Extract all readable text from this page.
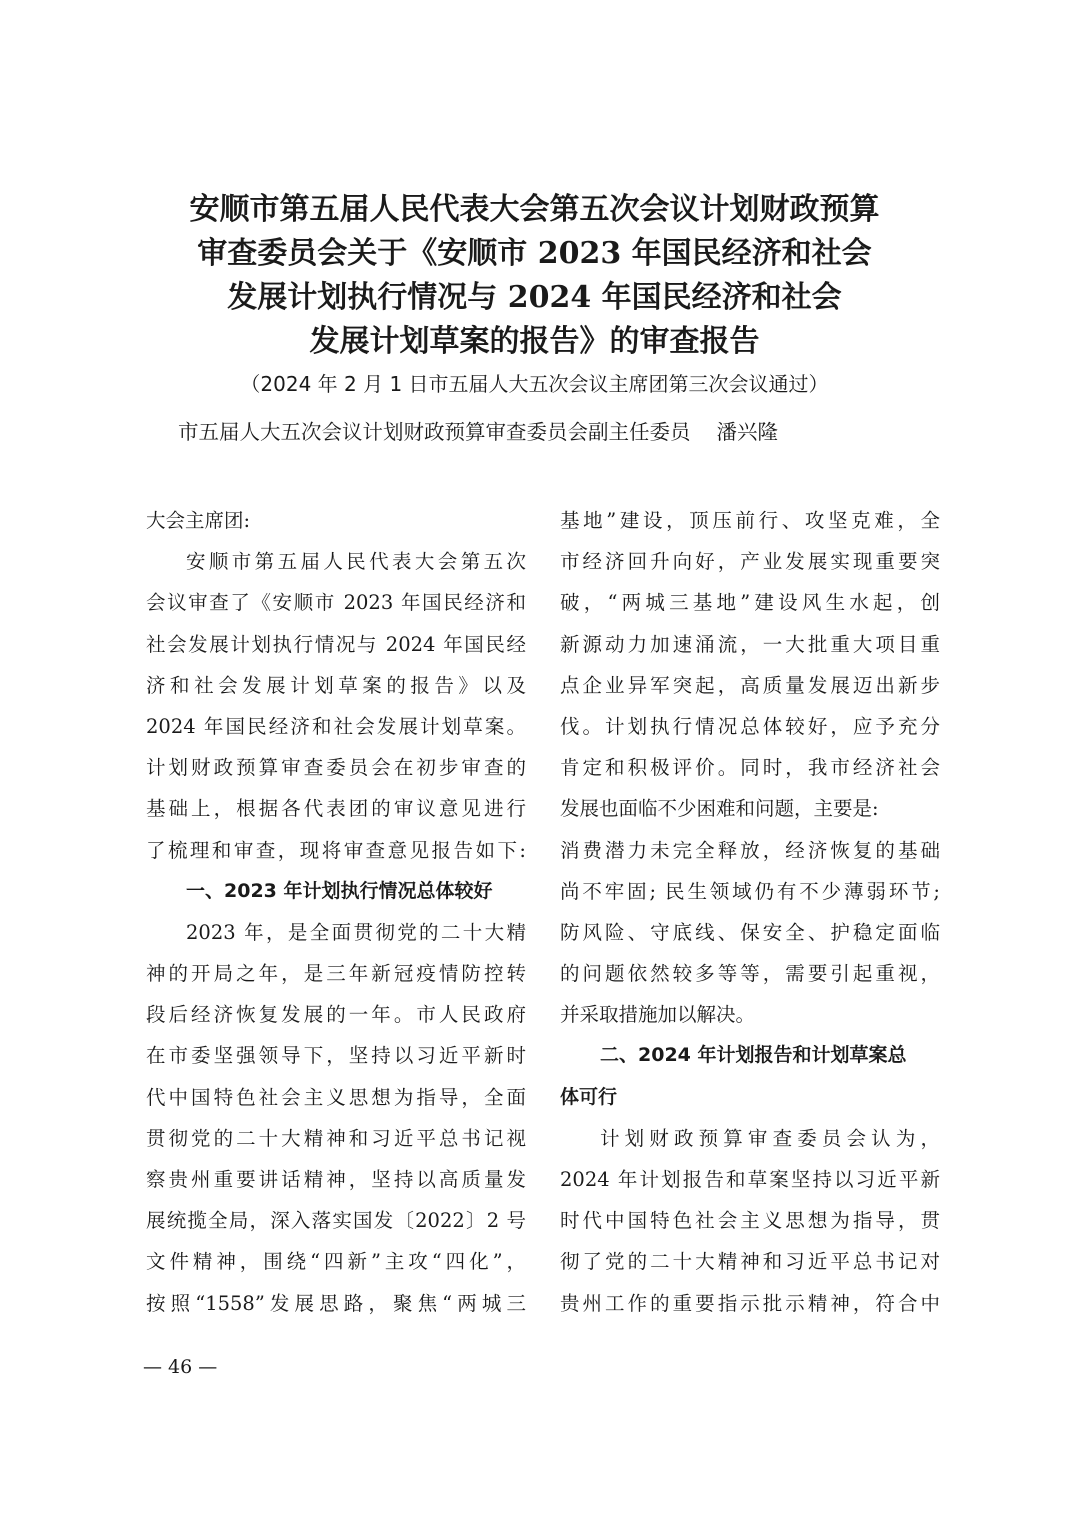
安顺市第五届人民代表大会第五次会议计划财政预算
审查委员会关于《安顺市 2023 年国民经济和社会
发展计划执行情况与 2024 年国民经济和社会
发展计划草案的报告》的审查报告
（2024 年 2 月 1 日市五届人大五次会议主席团第三次会议通过）
市五届人大五次会议计划财政预算审查委员会副主任委员 潘兴隆
大会主席团:
安顺市第五届人民代表大会第五次
会议审查了《安顺市 2023 年国民经济和
社会发展计划执行情况与 2024 年国民经
济和社会发展计划草案的报告》以及
2024 年国民经济和社会发展计划草案。
计划财政预算审查委员会在初步审查的
基础上，根据各代表团的审议意见进行
了梳理和审查，现将审查意见报告如下:
一、2023 年计划执行情况总体较好
2023 年，是全面贯彻党的二十大精
神的开局之年，是三年新冠疫情防控转
段后经济恢复发展的一年。市人民政府
在市委坚强领导下，坚持以习近平新时
代中国特色社会主义思想为指导，全面
贯彻党的二十大精神和习近平总书记视
察贵州重要讲话精神，坚持以高质量发
展统揽全局，深入落实国发〔2022〕2 号
文件精神，围绕“四新”主攻“四化”，
按照“1558”发展思路，聚焦“两城三
基地”建设，顶压前行、攻坚克难，全
市经济回升向好，产业发展实现重要突
破，“两城三基地”建设风生水起，创
新源动力加速涌流，一大批重大项目重
点企业异军突起，高质量发展迈出新步
伐。计划执行情况总体较好，应予充分
肯定和积极评价。同时，我市经济社会
发展也面临不少困难和问题，主要是:
消费潜力未完全释放，经济恢复的基础
尚不牢固; 民生领域仍有不少薄弱环节;
防风险、守底线、保安全、护稳定面临
的问题依然较多等等，需要引起重视，
并采取措施加以解决。
二、2024 年计划报告和计划草案总
体可行
计划财政预算审查委员会认为，
2024 年计划报告和草案坚持以习近平新
时代中国特色社会主义思想为指导，贯
彻了党的二十大精神和习近平总书记对
贵州工作的重要指示批示精神，符合中
— 46 —
